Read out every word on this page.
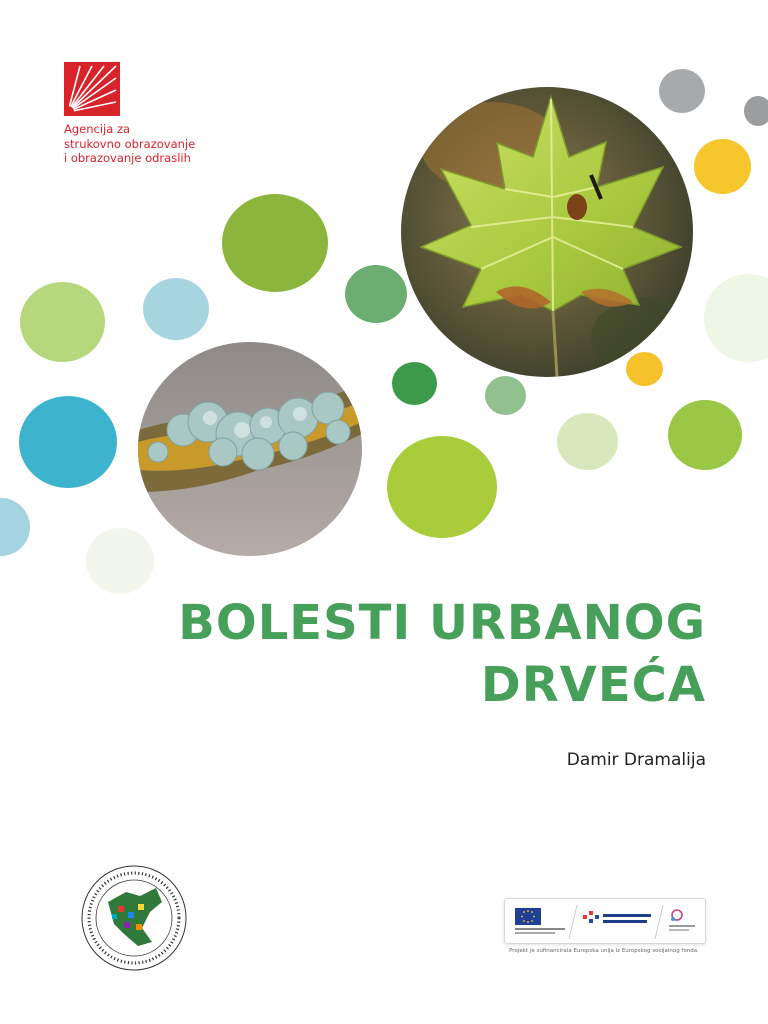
Agencija za
strukovno obrazovanje
i obrazovanje odraslih
BOLESTI URBANOG
DRVEĆA
Damir Dramalija
Projekt je sufinancirala Europska unija iz Europskog socijalnog fonda.
